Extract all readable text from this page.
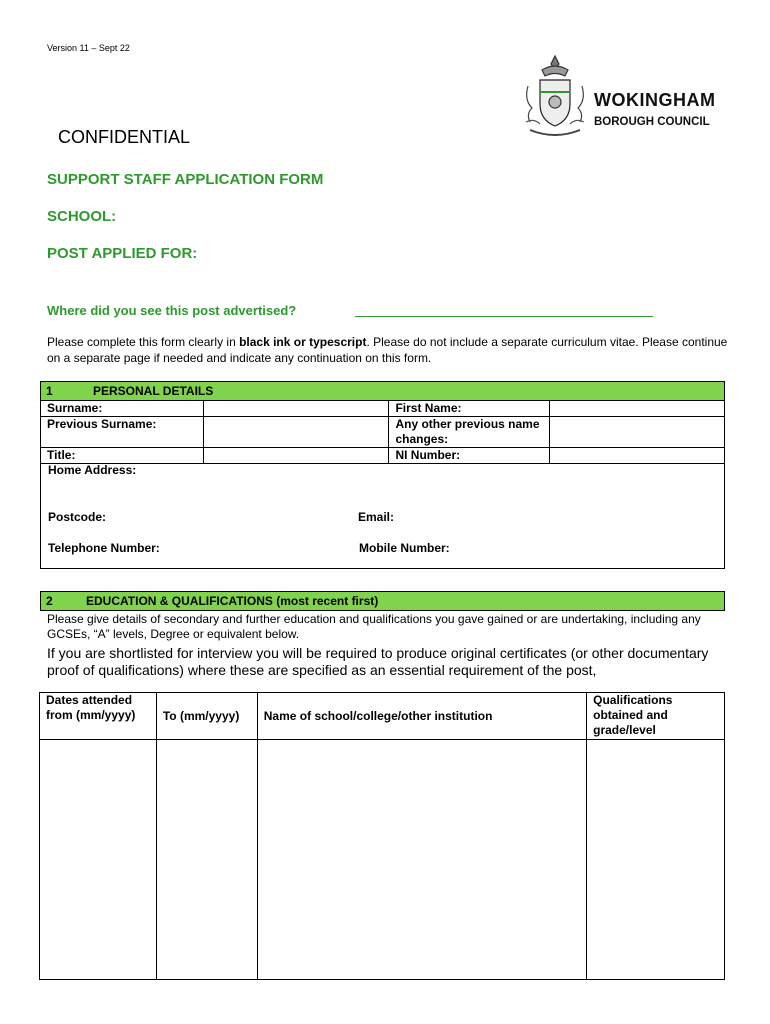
Version 11 – Sept 22
WOKINGHAM
BOROUGH COUNCIL
CONFIDENTIAL
SUPPORT STAFF APPLICATION FORM
SCHOOL:
POST APPLIED FOR:
Where did you see this post advertised?
Please complete this form clearly in black ink or typescript. Please do not include a separate curriculum vitae. Please continue on a separate page if needed and indicate any continuation on this form.
1	PERSONAL DETAILS
Surname:		First Name:	
Previous Surname:		Any other previous name changes:	
Title:		NI Number:	
Home Address:
Postcode:	Email:
Telephone Number:	Mobile Number:
2	EDUCATION & QUALIFICATIONS (most recent first)
Please give details of secondary and further education and qualifications you gave gained or are undertaking, including any GCSEs, “A” levels, Degree or equivalent below.
If you are shortlisted for interview you will be required to produce original certificates (or other documentary proof of qualifications) where these are specified as an essential requirement of the post,
Dates attended from (mm/yyyy)	To (mm/yyyy)	Name of school/college/other institution	Qualifications obtained and grade/level
